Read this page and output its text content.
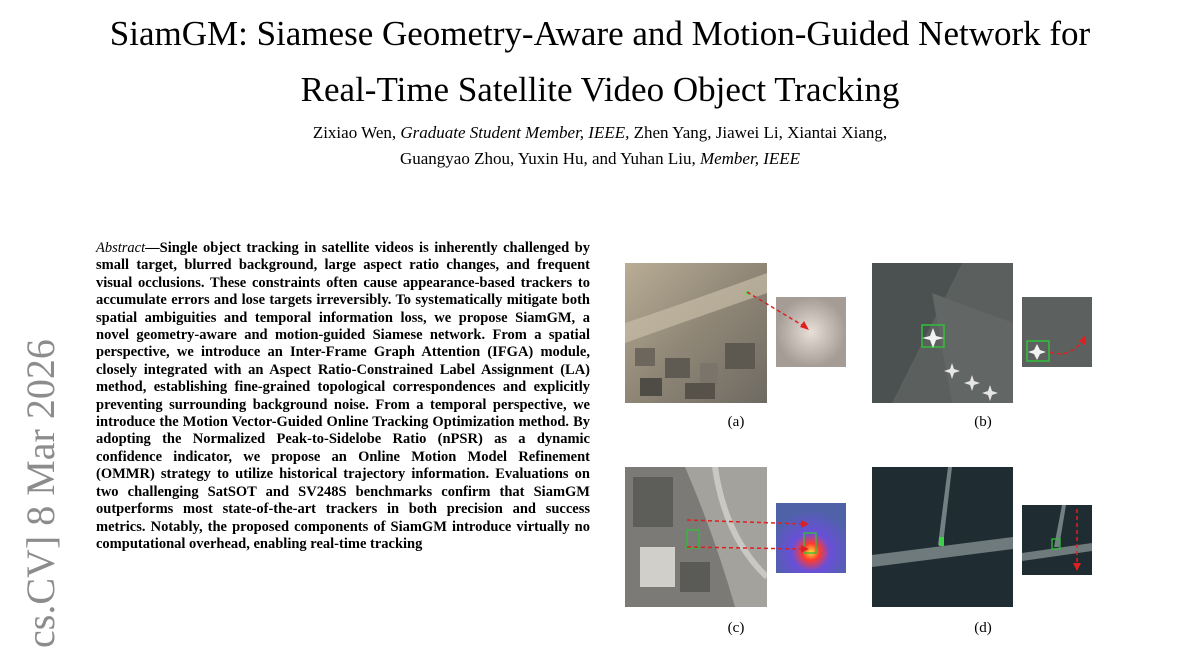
SiamGM: Siamese Geometry-Aware and Motion-Guided Network for
Real-Time Satellite Video Object Tracking
Zixiao Wen, Graduate Student Member, IEEE, Zhen Yang, Jiawei Li, Xiantai Xiang,
Guangyao Zhou, Yuxin Hu, and Yuhan Liu, Member, IEEE
cs.CV] 8 Mar 2026
Abstract—Single object tracking in satellite videos is inherently challenged by small target, blurred background, large aspect ratio changes, and frequent visual occlusions. These constraints often cause appearance-based trackers to accumulate errors and lose targets irreversibly. To systematically mitigate both spatial ambiguities and temporal information loss, we propose SiamGM, a novel geometry-aware and motion-guided Siamese network. From a spatial perspective, we introduce an Inter-Frame Graph Attention (IFGA) module, closely integrated with an Aspect Ratio-Constrained Label Assignment (LA) method, establishing fine-grained topological correspondences and explicitly preventing surrounding background noise. From a temporal perspective, we introduce the Motion Vector-Guided Online Tracking Optimization method. By adopting the Normalized Peak-to-Sidelobe Ratio (nPSR) as a dynamic confidence indicator, we propose an Online Motion Model Refinement (OMMR) strategy to utilize historical trajectory information. Evaluations on two challenging SatSOT and SV248S benchmarks confirm that SiamGM outperforms most state-of-the-art trackers in both precision and success metrics. Notably, the proposed components of SiamGM introduce virtually no computational overhead, enabling real-time tracking
(a)	(b)
(c)	(d)
